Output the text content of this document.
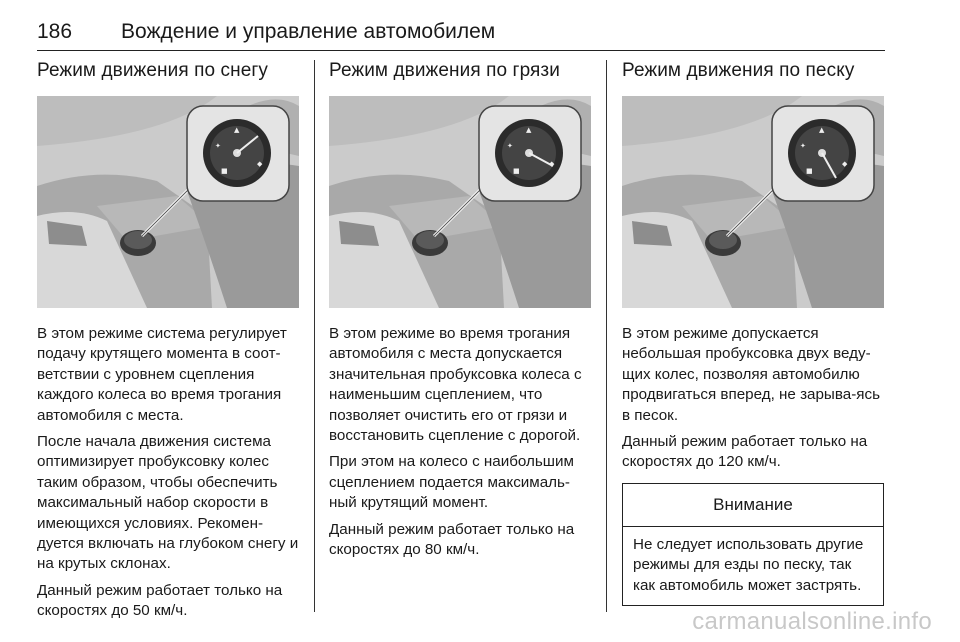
186 Вождение и управление автомобилем
Режим движения по снегу
✦
▲
◆
■

В этом режиме система регулирует подачу крутящего момента в соот-ветствии с уровнем сцепления каждого колеса во время трогания автомобиля с места.

После начала движения система оптимизирует пробуксовку колес таким образом, чтобы обеспечить максимальный набор скорости в имеющихся условиях. Рекомен-дуется включать на глубоком снегу и на крутых склонах.

Данный режим работает только на скоростях до 50 км/ч.

Режим движения по грязи
✦
▲
◆
■

В этом режиме во время трогания автомобиля с места допускается значительная пробуксовка колеса с наименьшим сцеплением, что позволяет очистить его от грязи и восстановить сцепление с дорогой.

При этом на колесо с наибольшим сцеплением подается максималь-ный крутящий момент.

Данный режим работает только на скоростях до 80 км/ч.

Режим движения по песку
✦
▲
◆
■

В этом режиме допускается небольшая пробуксовка двух веду-щих колес, позволяя автомобилю продвигаться вперед, не зарыва-ясь в песок.

Данный режим работает только на скоростях до 120 км/ч.

Внимание
Не следует использовать другие режимы для езды по песку, так как автомобиль может застрять.
carmanualsonline.info
